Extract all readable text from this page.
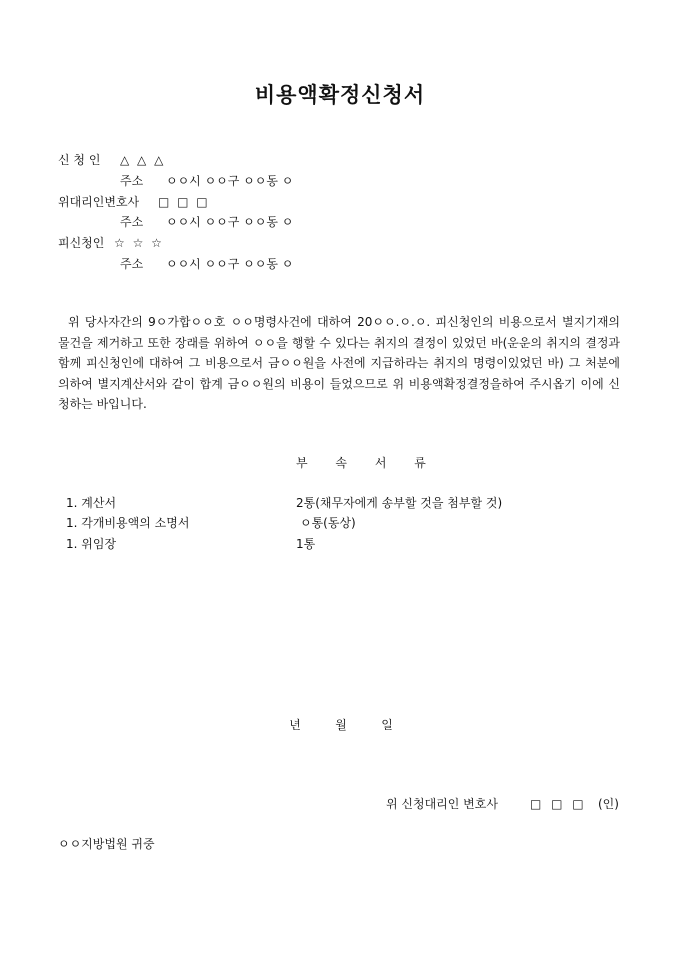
비용액확정신청서
신 청 인 △ △ △
주소 ㅇㅇ시 ㅇㅇ구 ㅇㅇ동 ㅇ
위대리인변호사 □ □ □
주소 ㅇㅇ시 ㅇㅇ구 ㅇㅇ동 ㅇ
피신청인 ☆ ☆ ☆
주소 ㅇㅇ시 ㅇㅇ구 ㅇㅇ동 ㅇ
위 당사자간의 9ㅇ가합ㅇㅇ호 ㅇㅇ명령사건에 대하여 20ㅇㅇ.ㅇ.ㅇ. 피신청인의 비용으로서 별지기재의 물건을 제거하고 또한 장래를 위하여 ㅇㅇ을 행할 수 있다는 취지의 결정이 있었던 바(운운의 취지의 결정과 함께 피신청인에 대하여 그 비용으로서 금ㅇㅇ원을 사전에 지급하라는 취지의 명령이있었던 바) 그 처분에 의하여 별지계산서와 같이 합계 금ㅇㅇ원의 비용이 들었으므로 위 비용액확정결정을하여 주시옵기 이에 신청하는 바입니다.
부 속 서 류
1. 계산서	2통(채무자에게 송부할 것을 첨부할 것)
1. 각개비용액의 소명서	ㅇ통(동상)
1. 위임장	1통
년	월	일
위 신청대리인 변호사	□ □ □ (인)
ㅇㅇ지방법원 귀중
